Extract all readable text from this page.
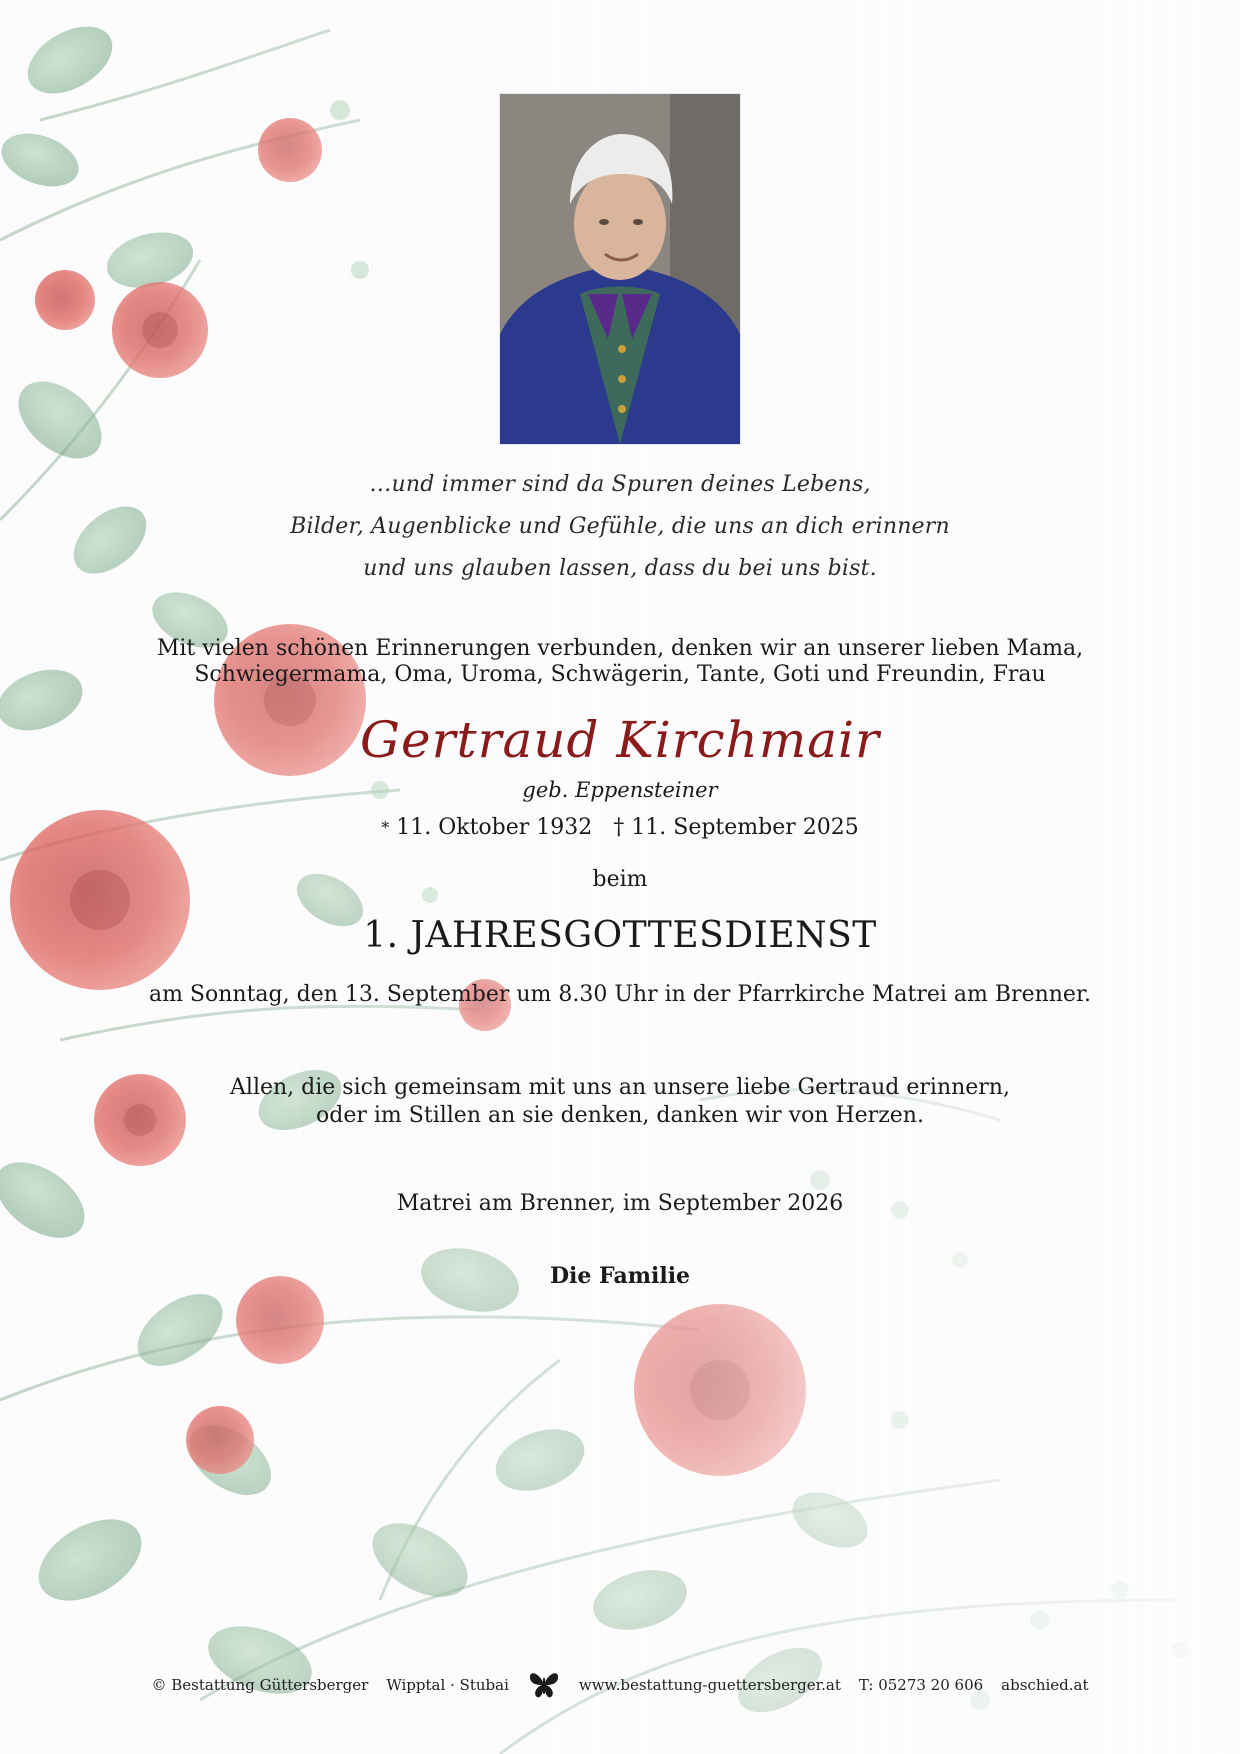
…und immer sind da Spuren deines Lebens,
Bilder, Augenblicke und Gefühle, die uns an dich erinnern
und uns glauben lassen, dass du bei uns bist.
Mit vielen schönen Erinnerungen verbunden, denken wir an unserer lieben Mama,
Schwiegermama, Oma, Uroma, Schwägerin, Tante, Goti und Freundin, Frau
Gertraud Kirchmair
geb. Eppensteiner
* 11. Oktober 1932 † 11. September 2025
beim
1. JAHRESGOTTESDIENST
am Sonntag, den 13. September um 8.30 Uhr in der Pfarrkirche Matrei am Brenner.
Allen, die sich gemeinsam mit uns an unsere liebe Gertraud erinnern,
oder im Stillen an sie denken, danken wir von Herzen.
Matrei am Brenner, im September 2026
Die Familie
© Bestattung Güttersberger Wipptal · Stubai	www.bestattung-guettersberger.at T: 05273 20 606 abschied.at
